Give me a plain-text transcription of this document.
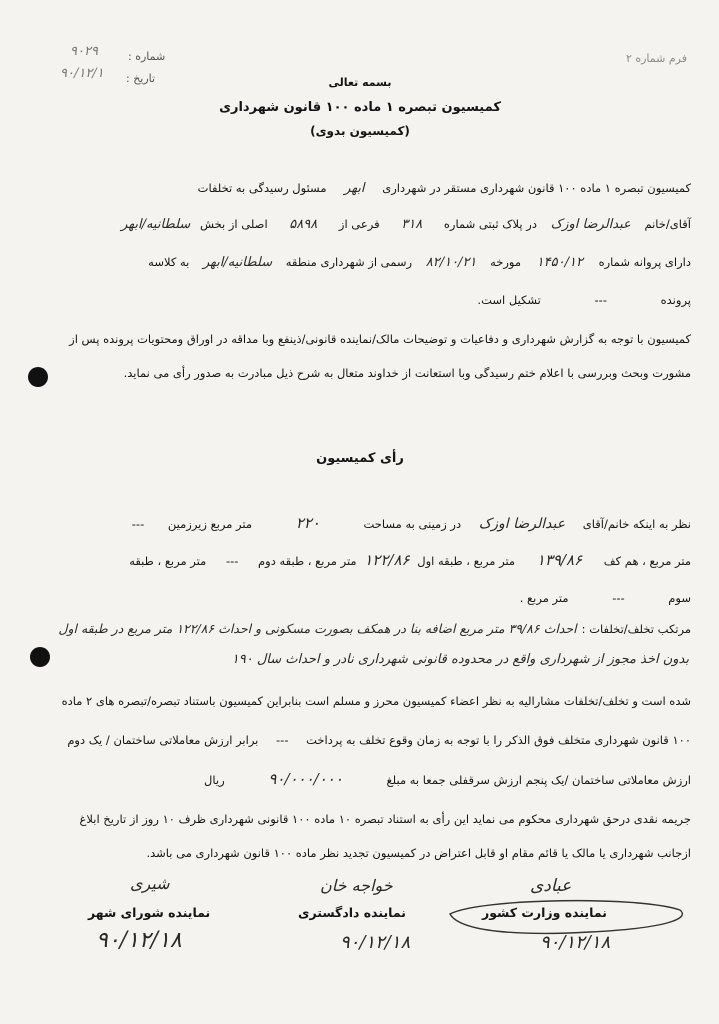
فرم شماره ۲
شماره :
۹۰۲۹
تاریخ :
۹۰/۱۲/۱
بسمه تعالی
کمیسیون تبصره ۱ ماده ۱۰۰ قانون شهرداری
(کمیسیون بدوی)
کمیسیون تبصره ۱ ماده ۱۰۰ قانون شهرداری مستقر در شهرداری ابهر مسئول رسیدگی به تخلفات
آقای/خانم عبدالرضا اوزک در پلاک ثبتی شماره ۳۱۸ فرعی از ۵۸۹۸ اصلی از بخش سلطانیه/ابهر
دارای پروانه شماره ۱۴۵۰/۱۲ مورخه ۸۲/۱۰/۲۱ رسمی از شهرداری منطقه سلطانیه/ابهر به کلاسه
پرونده --- تشکیل است.
کمیسیون با توجه به گزارش شهرداری و دفاعیات و توضیحات مالک/نماینده قانونی/ذینفع وبا مداقه در اوراق ومحتویات پرونده پس از
مشورت وبحث وبررسی با اعلام ختم رسیدگی وبا استعانت از خداوند متعال به شرح ذیل مبادرت به صدور رأی می نماید.
رأی کمیسیون
نظر به اینکه خانم/آقای عبدالرضا اوزک در زمینی به مساحت ۲۲۰ متر مربع زیرزمین ---
متر مربع ، هم کف ۱۳۹/۸۶ متر مربع ، طبقه اول ۱۲۲/۸۶ متر مربع ، طبقه دوم --- متر مربع ، طبقه
سوم --- متر مربع .
مرتکب تخلف/تخلفات : احداث ۳۹/۸۶ متر مربع اضافه بنا در همکف بصورت مسکونی و احداث ۱۲۲/۸۶ متر مربع در طبقه اول
بدون اخذ مجوز از شهرداری واقع در محدوده قانونی شهرداری نادر و احداث سال ۱۹۰
شده است و تخلف/تخلفات مشارالیه به نظر اعضاء کمیسیون محرز و مسلم است بنابراین کمیسیون باستناد تبصره/تبصره های ۲ ماده
۱۰۰ قانون شهرداری متخلف فوق الذکر را با توجه به زمان وقوع تخلف به پرداخت --- برابر ارزش معاملاتی ساختمان / یک دوم
ارزش معاملاتی ساختمان /یک پنجم ارزش سرقفلی جمعا به مبلغ ۹۰/۰۰۰/۰۰۰ ریال
جریمه نقدی درحق شهرداری محکوم می نماید این رأی به استناد تبصره ۱۰ ماده ۱۰۰ قانونی شهرداری ظرف ۱۰ روز از تاریخ ابلاغ
ازجانب شهرداری یا مالک یا قائم مقام او قابل اعتراض در کمیسیون تجدید نظر ماده ۱۰۰ قانون شهرداری می باشد.
عبادی
نماینده وزارت کشور
۹۰/۱۲/۱۸
خواجه خان
نماینده دادگستری
۹۰/۱۲/۱۸
شیری
نماینده شورای شهر
۹۰/۱۲/۱۸
